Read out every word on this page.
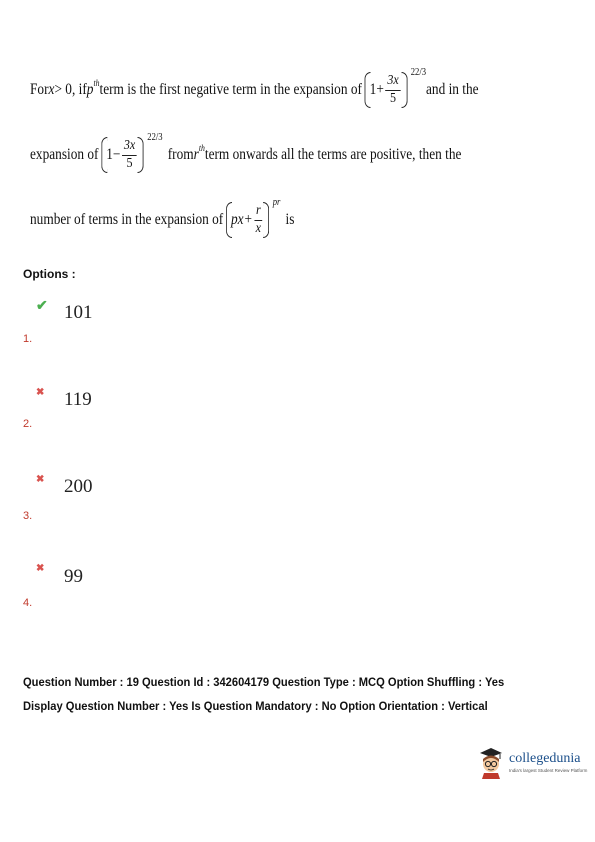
For x > 0, if p th term is the first negative term in the expansion of $1+ \frac{3x}{5}$
22/3
and in the
expansion of $1- \frac{3x}{5}$
22/3
from r th term onwards all the terms are positive, then the
number of terms in the expansion of $px+ \frac{r}{x}$
pr
is
Options :
✔ 101
1.
✖ 119
2.
✖ 200
3.
✖ 99
4.
Question Number : 19 Question Id : 342604179 Question Type : MCQ Option Shuffling : Yes
Display Question Number : Yes Is Question Mandatory : No Option Orientation : Vertical
collegedunia
India's largest Student Review Platform
